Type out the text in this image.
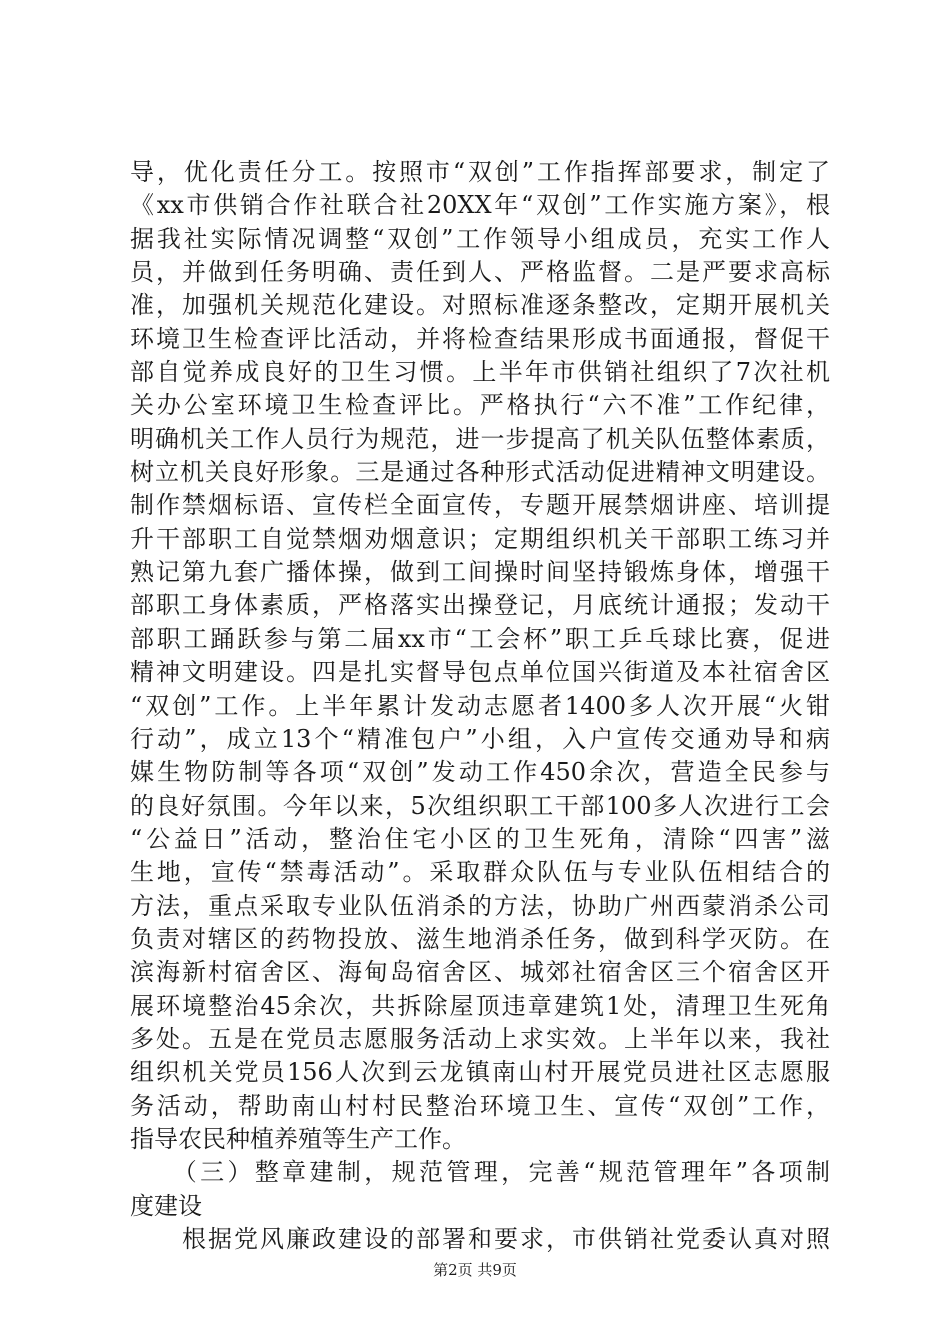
导，优化责任分工。按照市“双创”工作指挥部要求，制定了
《xx市供销合作社联合社20XX年“双创”工作实施方案》，根
据我社实际情况调整“双创”工作领导小组成员，充实工作人
员，并做到任务明确、责任到人、严格监督。二是严要求高标
准，加强机关规范化建设。对照标准逐条整改，定期开展机关
环境卫生检查评比活动，并将检查结果形成书面通报，督促干
部自觉养成良好的卫生习惯。上半年市供销社组织了7次社机
关办公室环境卫生检查评比。严格执行“六不准”工作纪律，
明确机关工作人员行为规范，进一步提高了机关队伍整体素质，
树立机关良好形象。三是通过各种形式活动促进精神文明建设。
制作禁烟标语、宣传栏全面宣传，专题开展禁烟讲座、培训提
升干部职工自觉禁烟劝烟意识；定期组织机关干部职工练习并
熟记第九套广播体操，做到工间操时间坚持锻炼身体，增强干
部职工身体素质，严格落实出操登记，月底统计通报；发动干
部职工踊跃参与第二届xx市“工会杯”职工乒乓球比赛，促进
精神文明建设。四是扎实督导包点单位国兴街道及本社宿舍区
“双创”工作。上半年累计发动志愿者1400多人次开展“火钳
行动”，成立13个“精准包户”小组，入户宣传交通劝导和病
媒生物防制等各项“双创”发动工作450余次，营造全民参与
的良好氛围。今年以来，5次组织职工干部100多人次进行工会
“公益日”活动，整治住宅小区的卫生死角，清除“四害”滋
生地，宣传“禁毒活动”。采取群众队伍与专业队伍相结合的
方法，重点采取专业队伍消杀的方法，协助广州西蒙消杀公司
负责对辖区的药物投放、滋生地消杀任务，做到科学灭防。在
滨海新村宿舍区、海甸岛宿舍区、城郊社宿舍区三个宿舍区开
展环境整治45余次，共拆除屋顶违章建筑1处，清理卫生死角
多处。五是在党员志愿服务活动上求实效。上半年以来，我社
组织机关党员156人次到云龙镇南山村开展党员进社区志愿服
务活动，帮助南山村村民整治环境卫生、宣传“双创”工作，
指导农民种植养殖等生产工作。
　　（三）整章建制，规范管理，完善“规范管理年”各项制
度建设
　　根据党风廉政建设的部署和要求，市供销社党委认真对照
第2页 共9页
